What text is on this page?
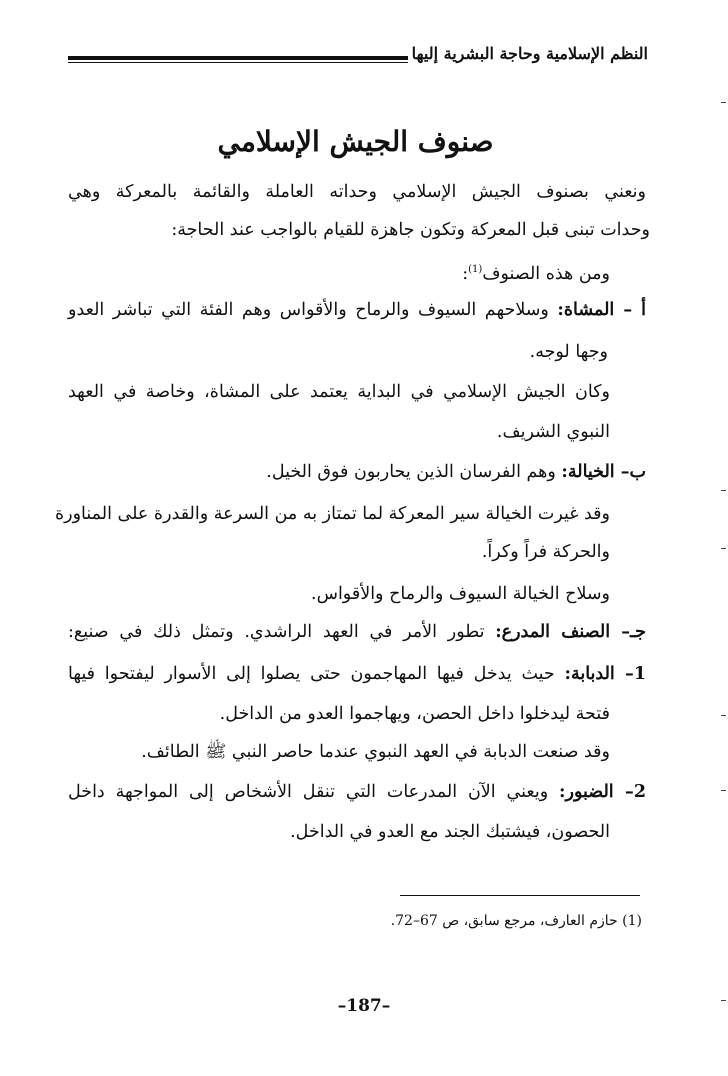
النظم الإسلامية وحاجة البشرية إليها
صنوف الجيش الإسلامي
ونعني بصنوف الجيش الإسلامي وحداته العاملة والقائمة بالمعركة وهي
وحدات تبنى قبل المعركة وتكون جاهزة للقيام بالواجب عند الحاجة:
ومن هذه الصنوف$^{(1)}$:
أ – المشاة: وسلاحهم السيوف والرماح والأقواس وهم الفئة التي تباشر العدو
وجها لوجه.
وكان الجيش الإسلامي في البداية يعتمد على المشاة، وخاصة في العهد
النبوي الشريف.
ب– الخيالة: وهم الفرسان الذين يحاربون فوق الخيل.
وقد غيرت الخيالة سير المعركة لما تمتاز به من السرعة والقدرة على المناورة
والحركة فراً وكراً.
وسلاح الخيالة السيوف والرماح والأقواس.
جـ– الصنف المدرع: تطور الأمر في العهد الراشدي. وتمثل ذلك في صنيع:
1– الدبابة: حيث يدخل فيها المهاجمون حتى يصلوا إلى الأسوار ليفتحوا فيها
فتحة ليدخلوا داخل الحصن، ويهاجموا العدو من الداخل.
وقد صنعت الدبابة في العهد النبوي عندما حاصر النبي ﷺ الطائف.
2– الضبور: ويعني الآن المدرعات التي تنقل الأشخاص إلى المواجهة داخل
الحصون، فيشتبك الجند مع العدو في الداخل.
(1) حازم العارف، مرجع سابق، ص 67–72.
–187–
